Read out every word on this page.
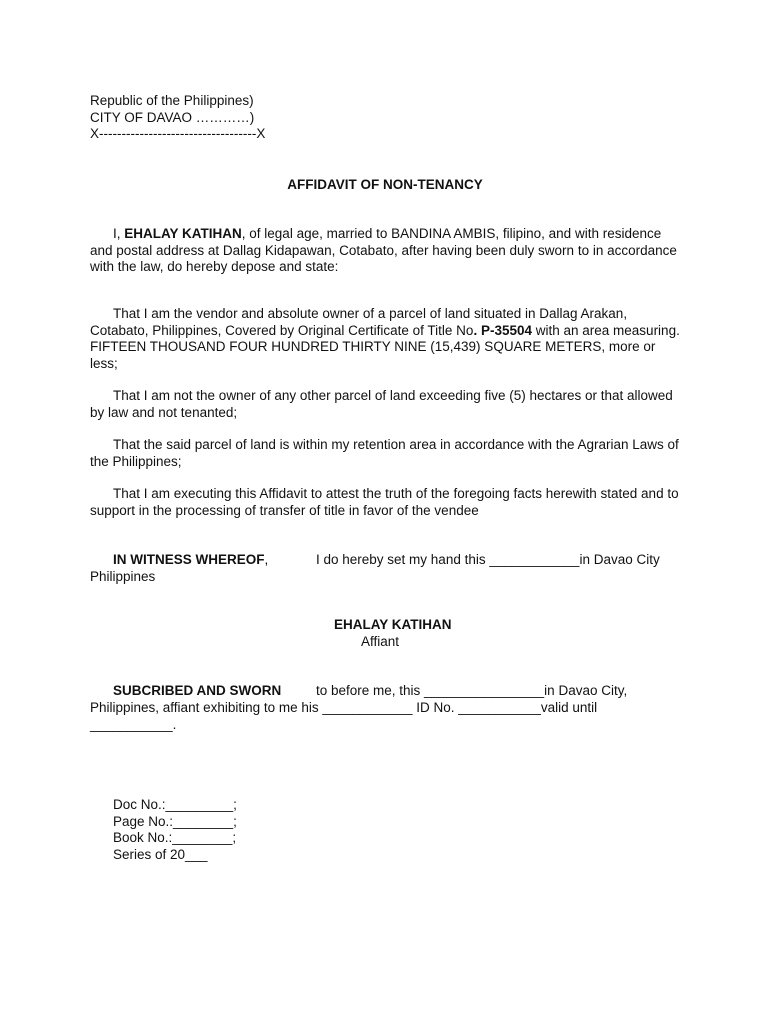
Republic of the Philippines)

CITY OF DAVAO …………)

X-----------------------------------X

AFFIDAVIT OF NON-TENANCY

I, EHALAY KATIHAN, of legal age, married to BANDINA AMBIS, filipino, and with residence and postal address at Dallag Kidapawan, Cotabato, after having been duly sworn to in accordance with the law, do hereby depose and state:

That I am the vendor and absolute owner of a parcel of land situated in Dallag Arakan, Cotabato, Philippines, Covered by Original Certificate of Title No. P-35504 with an area measuring. FIFTEEN THOUSAND FOUR HUNDRED THIRTY NINE (15,439) SQUARE METERS, more or less;

That I am not the owner of any other parcel of land exceeding five (5) hectares or that allowed by law and not tenanted;

That the said parcel of land is within my retention area in accordance with the Agrarian Laws of the Philippines;

That I am executing this Affidavit to attest the truth of the foregoing facts herewith stated and to support in the processing of transfer of title in favor of the vendee

IN WITNESS WHEREOF,	I do hereby set my hand this ____________in Davao City
Philippines
EHALAY KATIHAN
Affiant
SUBCRIBED AND SWORN	to before me, this ________________in Davao City,
Philippines, affiant exhibiting to me his ____________ ID No. ___________valid until
___________.

Doc No.:_________;

Page No.:________;

Book No.:________;

Series of 20___
